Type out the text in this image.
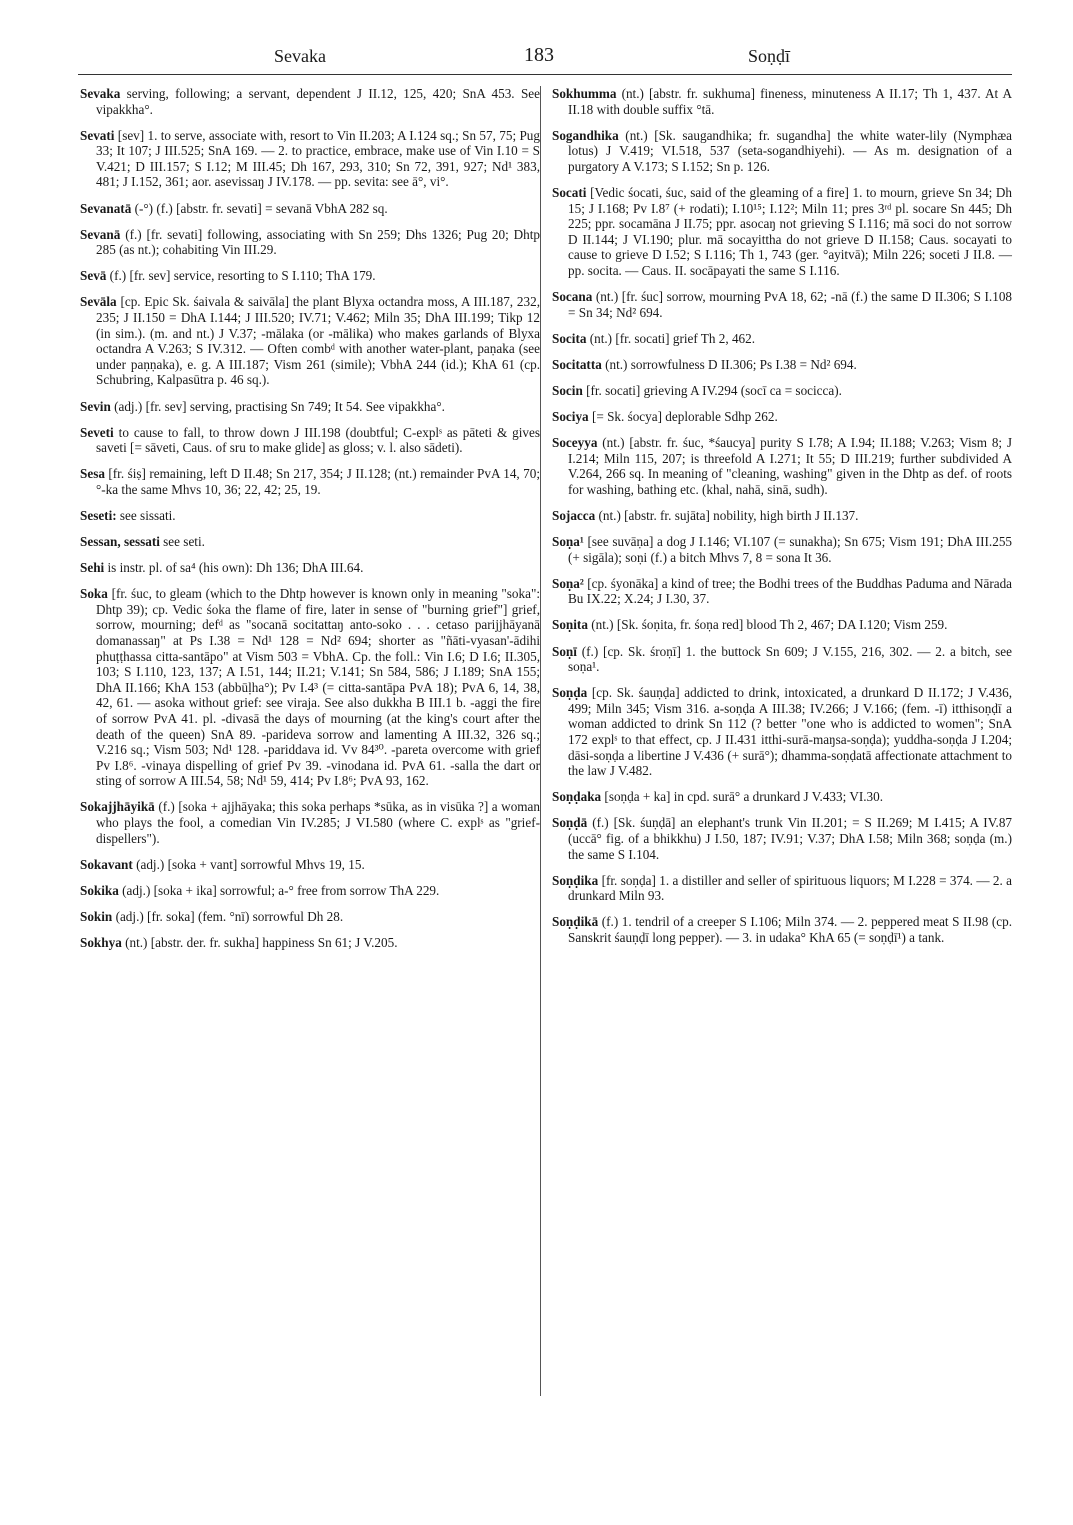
Sevaka	183	Soṇḍī

Sevaka serving, following; a servant, dependent J II.12, 125, 420; SnA 453. See vipakkha°.

Sevati [sev] 1. to serve, associate with, resort to Vin II.203; A I.124 sq.; Sn 57, 75; Pug 33; It 107; J III.525; SnA 169. — 2. to practice, embrace, make use of Vin I.10 = S V.421; D III.157; S I.12; M III.45; Dh 167, 293, 310; Sn 72, 391, 927; Nd¹ 383, 481; J I.152, 361; aor. asevissaŋ J IV.178. — pp. sevita: see ā°, vi°.

Sevanatā (-°) (f.) [abstr. fr. sevati] = sevanā VbhA 282 sq.

Sevanā (f.) [fr. sevati] following, associating with Sn 259; Dhs 1326; Pug 20; Dhtp 285 (as nt.); cohabiting Vin III.29.

Sevā (f.) [fr. sev] service, resorting to S I.110; ThA 179.

Sevāla [cp. Epic Sk. śaivala & saivāla] the plant Blyxa octandra moss, A III.187, 232, 235; J II.150 = DhA I.144; J III.520; IV.71; V.462; Miln 35; DhA III.199; Tikp 12 (in sim.). (m. and nt.) J V.37; -mālaka (or -mālika) who makes garlands of Blyxa octandra A V.263; S IV.312. — Often combᵈ with another water-plant, paṇaka (see under paṇṇaka), e. g. A III.187; Vism 261 (simile); VbhA 244 (id.); KhA 61 (cp. Schubring, Kalpasūtra p. 46 sq.).

Sevin (adj.) [fr. sev] serving, practising Sn 749; It 54. See vipakkha°.

Seveti to cause to fall, to throw down J III.198 (doubtful; C-explˢ as pāteti & gives saveti [= sāveti, Caus. of sru to make glide] as gloss; v. l. also sādeti).

Sesa [fr. śiṣ] remaining, left D II.48; Sn 217, 354; J II.128; (nt.) remainder PvA 14, 70; °-ka the same Mhvs 10, 36; 22, 42; 25, 19.

Seseti: see sissati.

Sessan, sessati see seti.

Sehi is instr. pl. of sa⁴ (his own): Dh 136; DhA III.64.

Soka [fr. śuc, to gleam (which to the Dhtp however is known only in meaning "soka": Dhtp 39); cp. Vedic śoka the flame of fire, later in sense of "burning grief"] grief, sorrow, mourning; defᵈ as "socanā socitattaŋ anto-soko . . . cetaso parijjhāyanā domanassaŋ" at Ps I.38 = Nd¹ 128 = Nd² 694; shorter as "ñāti-vyasan'-ādihi phuṭṭhassa citta-santāpo" at Vism 503 = VbhA. Cp. the foll.: Vin I.6; D I.6; II.305, 103; S I.110, 123, 137; A I.51, 144; II.21; V.141; Sn 584, 586; J I.189; SnA 155; DhA II.166; KhA 153 (abbūḷha°); Pv I.4³ (= citta-santāpa PvA 18); PvA 6, 14, 38, 42, 61. — asoka without grief: see viraja. See also dukkha B III.1 b. -aggi the fire of sorrow PvA 41. pl. -divasā the days of mourning (at the king's court after the death of the queen) SnA 89. -parideva sorrow and lamenting A III.32, 326 sq.; V.216 sq.; Vism 503; Nd¹ 128. -pariddava id. Vv 84³⁰. -pareta overcome with grief Pv I.8⁶. -vinaya dispelling of grief Pv 39. -vinodana id. PvA 61. -salla the dart or sting of sorrow A III.54, 58; Nd¹ 59, 414; Pv I.8⁶; PvA 93, 162.

Sokajjhāyikā (f.) [soka + ajjhāyaka; this soka perhaps *sūka, as in visūka ?] a woman who plays the fool, a comedian Vin IV.285; J VI.580 (where C. explˢ as "grief-dispellers").

Sokavant (adj.) [soka + vant] sorrowful Mhvs 19, 15.

Sokika (adj.) [soka + ika] sorrowful; a-° free from sorrow ThA 229.

Sokin (adj.) [fr. soka] (fem. °nī) sorrowful Dh 28.

Sokhya (nt.) [abstr. der. fr. sukha] happiness Sn 61; J V.205.

Sokhumma (nt.) [abstr. fr. sukhuma] fineness, minuteness A II.17; Th 1, 437. At A II.18 with double suffix °tā.

Sogandhika (nt.) [Sk. saugandhika; fr. sugandha] the white water-lily (Nymphæa lotus) J V.419; VI.518, 537 (seta-sogandhiyehi). — As m. designation of a purgatory A V.173; S I.152; Sn p. 126.

Socati [Vedic śocati, śuc, said of the gleaming of a fire] 1. to mourn, grieve Sn 34; Dh 15; J I.168; Pv I.8⁷ (+ rodati); I.10¹⁵; I.12²; Miln 11; pres 3ʳᵈ pl. socare Sn 445; Dh 225; ppr. socamāna J II.75; ppr. asocaŋ not grieving S I.116; mā soci do not sorrow D II.144; J VI.190; plur. mā socayittha do not grieve D II.158; Caus. socayati to cause to grieve D I.52; S I.116; Th 1, 743 (ger. °ayitvā); Miln 226; soceti J II.8. — pp. socita. — Caus. II. socāpayati the same S I.116.

Socana (nt.) [fr. śuc] sorrow, mourning PvA 18, 62; -nā (f.) the same D II.306; S I.108 = Sn 34; Nd² 694.

Socita (nt.) [fr. socati] grief Th 2, 462.

Socitatta (nt.) sorrowfulness D II.306; Ps I.38 = Nd² 694.

Socin [fr. socati] grieving A IV.294 (socī ca = socicca).

Sociya [= Sk. śocya] deplorable Sdhp 262.

Soceyya (nt.) [abstr. fr. śuc, *śaucya] purity S I.78; A I.94; II.188; V.263; Vism 8; J I.214; Miln 115, 207; is threefold A I.271; It 55; D III.219; further subdivided A V.264, 266 sq. In meaning of "cleaning, washing" given in the Dhtp as def. of roots for washing, bathing etc. (khal, nahā, sinā, sudh).

Sojacca (nt.) [abstr. fr. sujāta] nobility, high birth J II.137.

Soṇa¹ [see suvāṇa] a dog J I.146; VI.107 (= sunakha); Sn 675; Vism 191; DhA III.255 (+ sigāla); soṇi (f.) a bitch Mhvs 7, 8 = sona It 36.

Soṇa² [cp. śyonāka] a kind of tree; the Bodhi trees of the Buddhas Paduma and Nārada Bu IX.22; X.24; J I.30, 37.

Soṇita (nt.) [Sk. śoṇita, fr. śoṇa red] blood Th 2, 467; DA I.120; Vism 259.

Soṇī (f.) [cp. Sk. śroṇī] 1. the buttock Sn 609; J V.155, 216, 302. — 2. a bitch, see soṇa¹.

Soṇḍa [cp. Sk. śauṇḍa] addicted to drink, intoxicated, a drunkard D II.172; J V.436, 499; Miln 345; Vism 316. a-soṇḍa A III.38; IV.266; J V.166; (fem. -ī) itthisoṇḍī a woman addicted to drink Sn 112 (? better "one who is addicted to women"; SnA 172 explˢ to that effect, cp. J II.431 itthi-surā-maŋsa-soṇḍa); yuddha-soṇḍa J I.204; dāsi-soṇḍa a libertine J V.436 (+ surā°); dhamma-soṇḍatā affectionate attachment to the law J V.482.

Soṇḍaka [soṇḍa + ka] in cpd. surā° a drunkard J V.433; VI.30.

Soṇḍā (f.) [Sk. śuṇḍā] an elephant's trunk Vin II.201; = S II.269; M I.415; A IV.87 (uccā° fig. of a bhikkhu) J I.50, 187; IV.91; V.37; DhA I.58; Miln 368; soṇḍa (m.) the same S I.104.

Soṇḍika [fr. soṇḍa] 1. a distiller and seller of spirituous liquors; M I.228 = 374. — 2. a drunkard Miln 93.

Soṇḍikā (f.) 1. tendril of a creeper S I.106; Miln 374. — 2. peppered meat S II.98 (cp. Sanskrit śauṇḍī long pepper). — 3. in udaka° KhA 65 (= soṇḍī¹) a tank.
